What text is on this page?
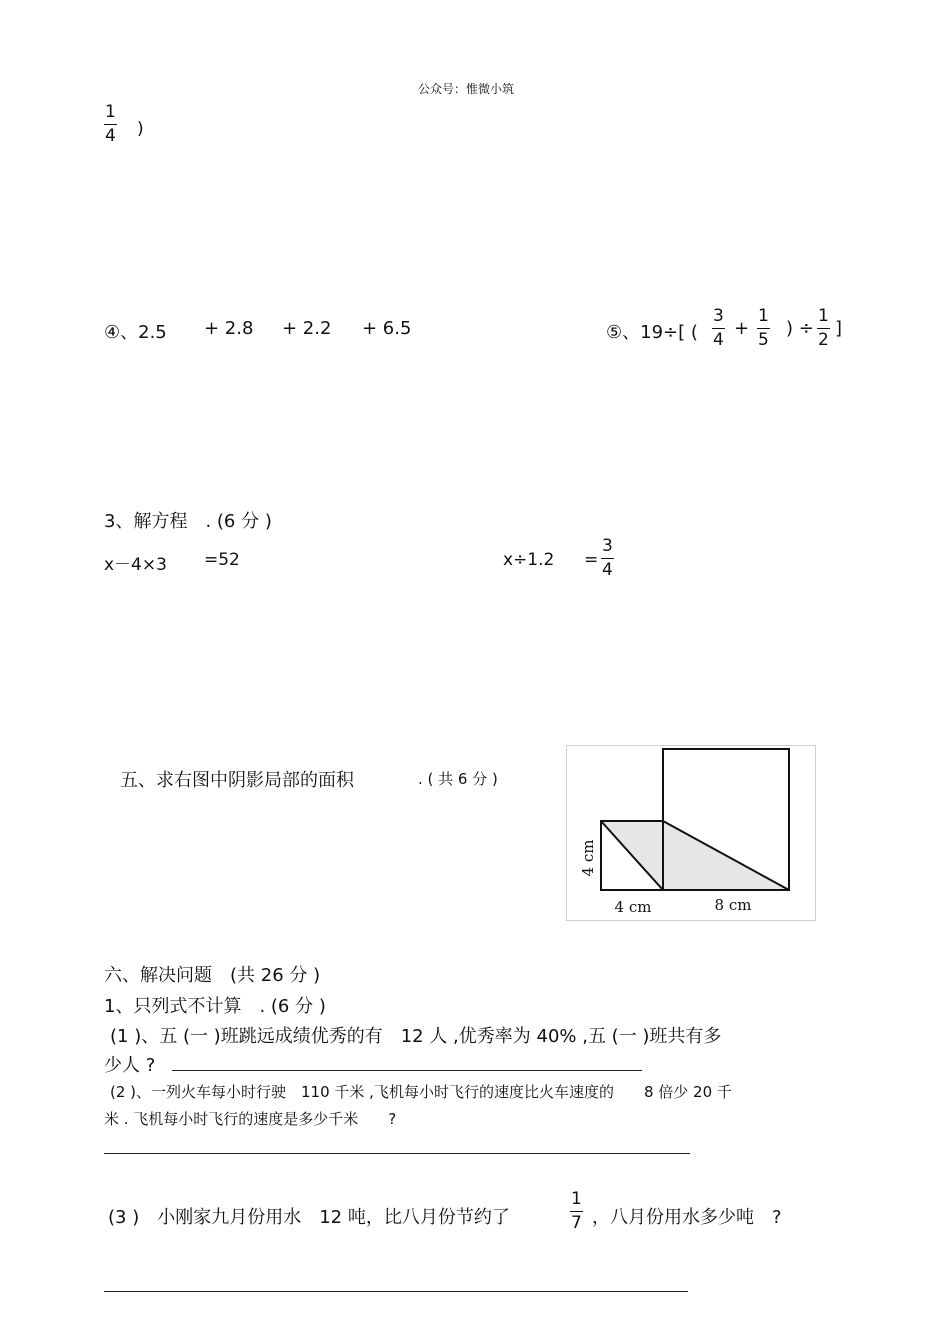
公众号：惟微小筑
1
4 )
④、2.5 + 2.8 + 2.2 + 6.5	⑤、19÷[ (
3
4
+
1
5
) ÷
1
2
]
3、解方程　. (6 分 )
x－4×3 =52	x÷1.2 =
3
4
五、求右图中阴影局部的面积	. ( 共 6 分 )
4 cm
4 cm	8 cm
六、解决问题　(共 26 分 )
1、只列式不计算　. (6 分 )
(1 )、五 (一 )班跳远成绩优秀的有　12 人 ,优秀率为 40% ,五 (一 )班共有多
少人 ?
(2 )、一列火车每小时行驶　110 千米 ,飞机每小时飞行的速度比火车速度的　　8 倍少 20 千
米 . 飞机每小时飞行的速度是多少千米　　?
(3 )　小刚家九月份用水　12 吨，比八月份节约了
1
7 ，八月份用水多少吨　?
